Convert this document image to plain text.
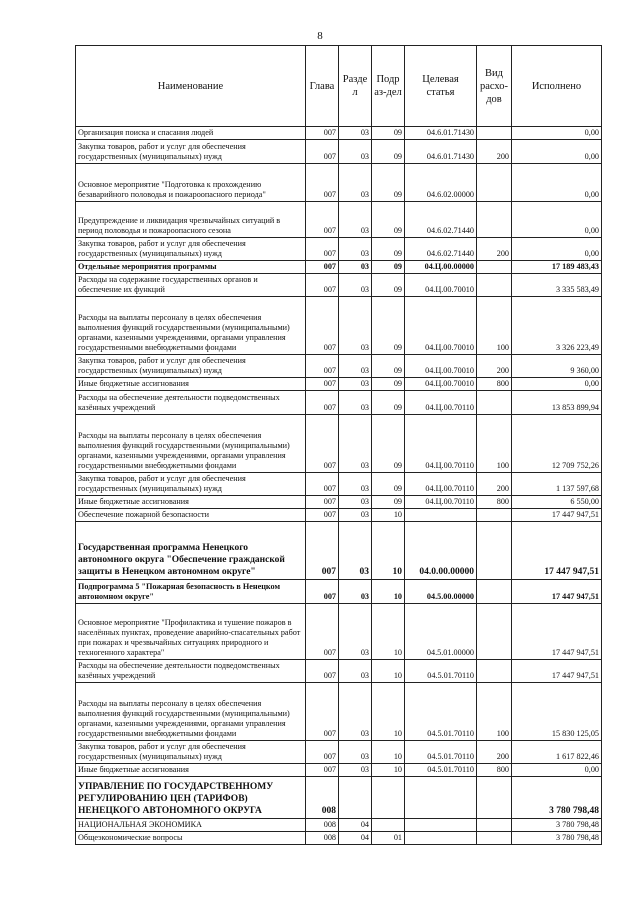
8
Наименование	Глава	Разде л	Подр аз-дел	Целевая статья	Вид расхо- дов	Исполнено
Организация поиска и спасания людей	007	03	09	04.6.01.71430		0,00
Закупка товаров, работ и услуг для обеспечения государственных (муниципальных) нужд	007	03	09	04.6.01.71430	200	0,00
Основное мероприятие "Подготовка к прохождению безаварийного половодья и пожароопасного периода"	007	03	09	04.6.02.00000		0,00
Предупреждение и ликвидация чрезвычайных ситуаций в период половодья и пожароопасного сезона	007	03	09	04.6.02.71440		0,00
Закупка товаров, работ и услуг для обеспечения государственных (муниципальных) нужд	007	03	09	04.6.02.71440	200	0,00
Отдельные мероприятия программы	007	03	09	04.Ц.00.00000		17 189 483,43
Расходы на содержание государственных органов и обеспечение их функций	007	03	09	04.Ц.00.70010		3 335 583,49
Расходы на выплаты персоналу в целях обеспечения выполнения функций государственными (муниципальными) органами, казенными учреждениями, органами управления государственными внебюджетными фондами	007	03	09	04.Ц.00.70010	100	3 326 223,49
Закупка товаров, работ и услуг для обеспечения государственных (муниципальных) нужд	007	03	09	04.Ц.00.70010	200	9 360,00
Иные бюджетные ассигнования	007	03	09	04.Ц.00.70010	800	0,00
Расходы на обеспечение деятельности подведомственных казённых учреждений	007	03	09	04.Ц.00.70110		13 853 899,94
Расходы на выплаты персоналу в целях обеспечения выполнения функций государственными (муниципальными) органами, казенными учреждениями, органами управления государственными внебюджетными фондами	007	03	09	04.Ц.00.70110	100	12 709 752,26
Закупка товаров, работ и услуг для обеспечения государственных (муниципальных) нужд	007	03	09	04.Ц.00.70110	200	1 137 597,68
Иные бюджетные ассигнования	007	03	09	04.Ц.00.70110	800	6 550,00
Обеспечение пожарной безопасности	007	03	10			17 447 947,51
Государственная программа Ненецкого автономного округа "Обеспечение гражданской защиты в Ненецком автономном округе"	007	03	10	04.0.00.00000		17 447 947,51
Подпрограмма 5 "Пожарная безопасность в Ненецком автономном округе"	007	03	10	04.5.00.00000		17 447 947,51
Основное мероприятие "Профилактика и тушение пожаров в населённых пунктах, проведение аварийно-спасательных работ при пожарах и чрезвычайных ситуациях природного и техногенного характера"	007	03	10	04.5.01.00000		17 447 947,51
Расходы на обеспечение деятельности подведомственных казённых учреждений	007	03	10	04.5.01.70110		17 447 947,51
Расходы на выплаты персоналу в целях обеспечения выполнения функций государственными (муниципальными) органами, казенными учреждениями, органами управления государственными внебюджетными фондами	007	03	10	04.5.01.70110	100	15 830 125,05
Закупка товаров, работ и услуг для обеспечения государственных (муниципальных) нужд	007	03	10	04.5.01.70110	200	1 617 822,46
Иные бюджетные ассигнования	007	03	10	04.5.01.70110	800	0,00
УПРАВЛЕНИЕ ПО ГОСУДАРСТВЕННОМУ РЕГУЛИРОВАНИЮ ЦЕН (ТАРИФОВ) НЕНЕЦКОГО АВТОНОМНОГО ОКРУГА	008					3 780 798,48
НАЦИОНАЛЬНАЯ ЭКОНОМИКА	008	04				3 780 798,48
Общеэкономические вопросы	008	04	01			3 780 798,48
